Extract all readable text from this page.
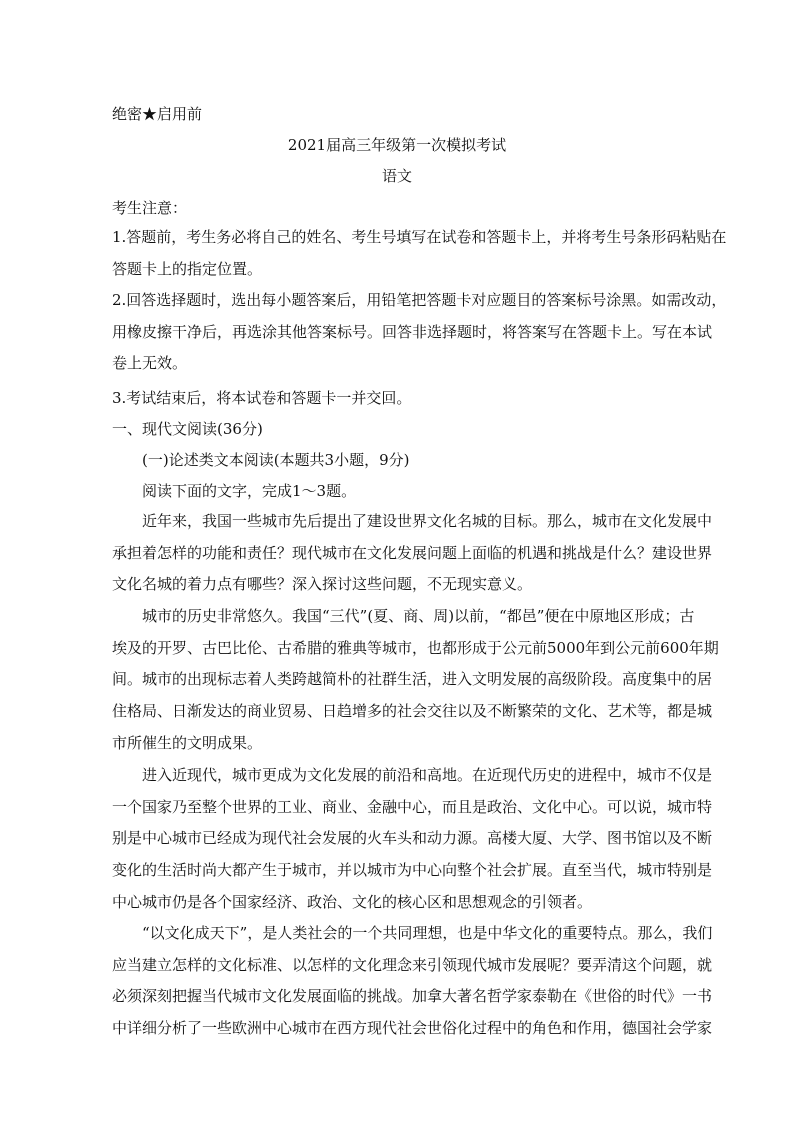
绝密★启用前
2021届高三年级第一次模拟考试
语文
考生注意：
1.答题前，考生务必将自己的姓名、考生号填写在试卷和答题卡上，并将考生号条形码粘贴在
答题卡上的指定位置。
2.回答选择题时，选出每小题答案后，用铅笔把答题卡对应题目的答案标号涂黑。如需改动，
用橡皮擦干净后，再选涂其他答案标号。回答非选择题时，将答案写在答题卡上。写在本试
卷上无效。
3.考试结束后，将本试卷和答题卡一并交回。
一、现代文阅读(36分)
(一)论述类文本阅读(本题共3小题，9分)
阅读下面的文字，完成1～3题。
近年来，我国一些城市先后提出了建设世界文化名城的目标。那么，城市在文化发展中
承担着怎样的功能和责任？现代城市在文化发展问题上面临的机遇和挑战是什么？建设世界
文化名城的着力点有哪些？深入探讨这些问题，不无现实意义。
城市的历史非常悠久。我国“三代”(夏、商、周)以前，“都邑”便在中原地区形成；古
埃及的开罗、古巴比伦、古希腊的雅典等城市，也都形成于公元前5000年到公元前600年期
间。城市的出现标志着人类跨越简朴的社群生活，进入文明发展的高级阶段。高度集中的居
住格局、日渐发达的商业贸易、日趋增多的社会交往以及不断繁荣的文化、艺术等，都是城
市所催生的文明成果。
进入近现代，城市更成为文化发展的前沿和高地。在近现代历史的进程中，城市不仅是
一个国家乃至整个世界的工业、商业、金融中心，而且是政治、文化中心。可以说，城市特
别是中心城市已经成为现代社会发展的火车头和动力源。高楼大厦、大学、图书馆以及不断
变化的生活时尚大都产生于城市，并以城市为中心向整个社会扩展。直至当代，城市特别是
中心城市仍是各个国家经济、政治、文化的核心区和思想观念的引领者。
“以文化成天下”，是人类社会的一个共同理想，也是中华文化的重要特点。那么，我们
应当建立怎样的文化标准、以怎样的文化理念来引领现代城市发展呢？要弄清这个问题，就
必须深刻把握当代城市文化发展面临的挑战。加拿大著名哲学家泰勒在《世俗的时代》一书
中详细分析了一些欧洲中心城市在西方现代社会世俗化过程中的角色和作用，德国社会学家
